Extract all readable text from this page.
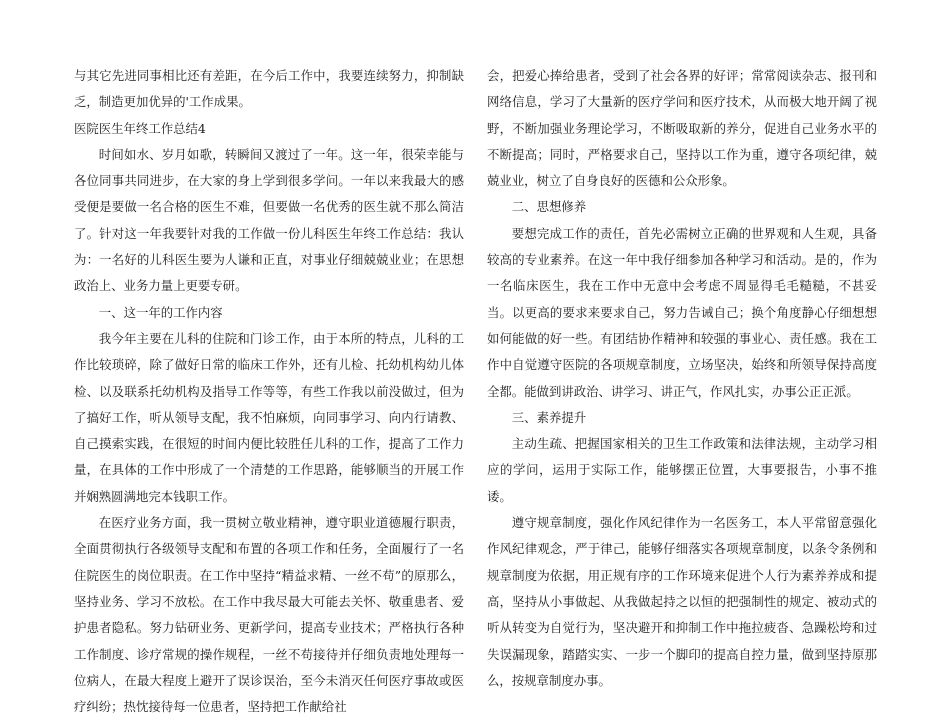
与其它先进同事相比还有差距，在今后工作中，我要连续努力，抑制缺乏，制造更加优异的'工作成果。

医院医生年终工作总结4

时间如水、岁月如歌，转瞬间又渡过了一年。这一年，很荣幸能与各位同事共同进步，在大家的身上学到很多学问。一年以来我最大的感受便是要做一名合格的医生不难，但要做一名优秀的医生就不那么简洁了。针对这一年我要针对我的工作做一份儿科医生年终工作总结：我认为：一名好的儿科医生要为人谦和正直，对事业仔细兢兢业业；在思想政治上、业务力量上更要专研。

一、这一年的工作内容

我今年主要在儿科的住院和门诊工作，由于本所的特点，儿科的工作比较琐碎，除了做好日常的临床工作外，还有儿检、托幼机构幼儿体检、以及联系托幼机构及指导工作等等，有些工作我以前没做过，但为了搞好工作，听从领导支配，我不怕麻烦，向同事学习、向内行请教、自己摸索实践，在很短的时间内便比较胜任儿科的工作，提高了工作力量，在具体的工作中形成了一个清楚的工作思路，能够顺当的开展工作并娴熟圆满地完本钱职工作。

在医疗业务方面，我一贯树立敬业精神，遵守职业道德履行职责，全面贯彻执行各级领导支配和布置的各项工作和任务，全面履行了一名住院医生的岗位职责。在工作中坚持“精益求精、一丝不苟”的原那么，坚持业务、学习不放松。在工作中我尽最大可能去关怀、敬重患者、爱护患者隐私。努力钻研业务、更新学问，提高专业技术；严格执行各种工作制度、诊疗常规的操作规程，一丝不苟接待并仔细负责地处理每一位病人，在最大程度上避开了误诊误治，至今未消灭任何医疗事故或医疗纠纷；热忱接待每一位患者，坚持把工作献给社

会，把爱心捧给患者，受到了社会各界的好评；常常阅读杂志、报刊和网络信息，学习了大量新的医疗学问和医疗技术，从而极大地开阔了视野，不断加强业务理论学习，不断吸取新的养分，促进自己业务水平的不断提高；同时，严格要求自己，坚持以工作为重，遵守各项纪律，兢兢业业，树立了自身良好的医德和公众形象。

二、思想修养

要想完成工作的责任，首先必需树立正确的世界观和人生观，具备较高的专业素养。在这一年中我仔细参加各种学习和活动。是的，作为一名临床医生，我在工作中无意中会考虑不周显得毛毛糙糙，不甚妥当。以更高的要求来要求自己，努力告诫自己；换个角度静心仔细想想如何能做的好一些。有团结协作精神和较强的事业心、责任感。我在工作中自觉遵守医院的各项规章制度，立场坚决，始终和所领导保持高度全都。能做到讲政治、讲学习、讲正气，作风扎实，办事公正正派。

三、素养提升

主动生疏、把握国家相关的卫生工作政策和法律法规，主动学习相应的学问，运用于实际工作，能够摆正位置，大事要报告，小事不推诿。

遵守规章制度，强化作风纪律作为一名医务工，本人平常留意强化作风纪律观念，严于律己，能够仔细落实各项规章制度，以条令条例和规章制度为依据，用正规有序的工作环境来促进个人行为素养养成和提高，坚持从小事做起、从我做起持之以恒的把强制性的规定、被动式的听从转变为自觉行为，坚决避开和抑制工作中拖拉疲沓、急躁松垮和过失误漏现象，踏踏实实、一步一个脚印的提高自控力量，做到坚持原那么，按规章制度办事。
